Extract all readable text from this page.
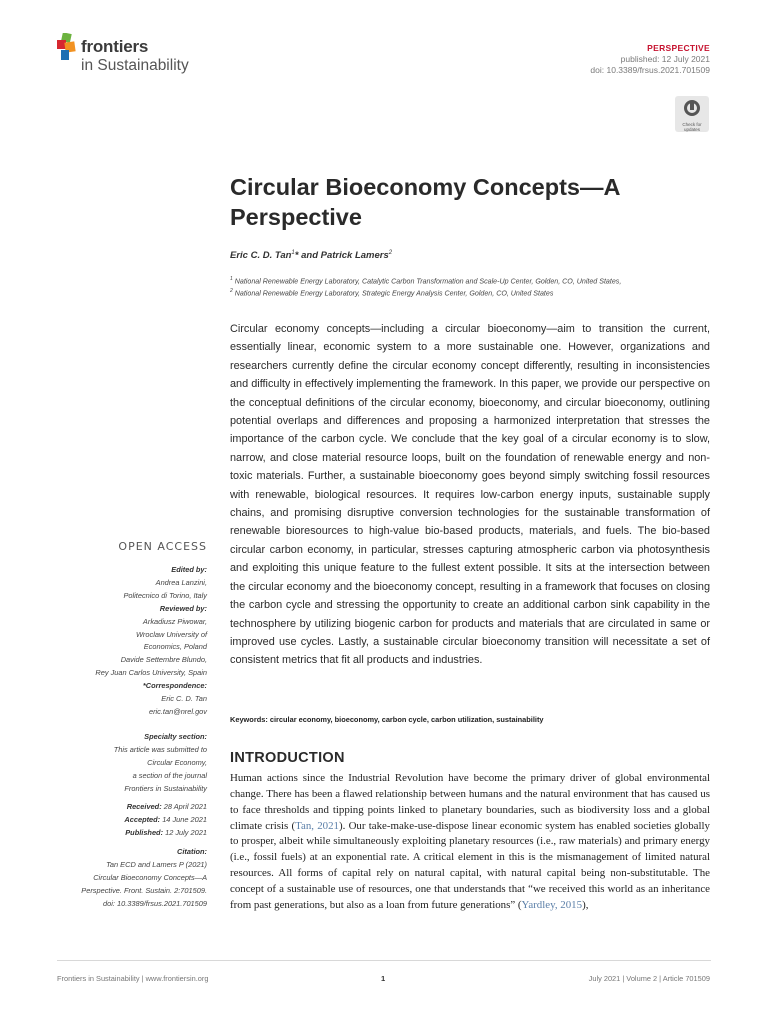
frontiers
in Sustainability
PERSPECTIVE
published: 12 July 2021
doi: 10.3389/frsus.2021.701509
Check for
updates
Circular Bioeconomy Concepts—A Perspective
Eric C. D. Tan$^1$* and Patrick Lamers$^2$
$^1$ National Renewable Energy Laboratory, Catalytic Carbon Transformation and Scale-Up Center, Golden, CO, United States,
$^2$ National Renewable Energy Laboratory, Strategic Energy Analysis Center, Golden, CO, United States

Circular economy concepts—including a circular bioeconomy—aim to transition the current, essentially linear, economic system to a more sustainable one. However, organizations and researchers currently define the circular economy concept differently, resulting in inconsistencies and difficulty in effectively implementing the framework. In this paper, we provide our perspective on the conceptual definitions of the circular economy, bioeconomy, and circular bioeconomy, outlining potential overlaps and differences and proposing a harmonized interpretation that stresses the importance of the carbon cycle. We conclude that the key goal of a circular economy is to slow, narrow, and close material resource loops, built on the foundation of renewable energy and non-toxic materials. Further, a sustainable bioeconomy goes beyond simply switching fossil resources with renewable, biological resources. It requires low-carbon energy inputs, sustainable supply chains, and promising disruptive conversion technologies for the sustainable transformation of renewable bioresources to high-value bio-based products, materials, and fuels. The bio-based circular carbon economy, in particular, stresses capturing atmospheric carbon via photosynthesis and exploiting this unique feature to the fullest extent possible. It sits at the intersection between the circular economy and the bioeconomy concept, resulting in a framework that focuses on closing the carbon cycle and stressing the opportunity to create an additional carbon sink capability in the technosphere by utilizing biogenic carbon for products and materials that are circulated in same or improved use cycles. Lastly, a sustainable circular bioeconomy transition will necessitate a set of consistent metrics that fit all products and industries.

Keywords: circular economy, bioeconomy, carbon cycle, carbon utilization, sustainability
OPEN ACCESS
Edited by:
Andrea Lanzini,
Politecnico di Torino, Italy
Reviewed by:
Arkadiusz Piwowar,
Wroclaw University of
Economics, Poland
Davide Settembre Blundo,
Rey Juan Carlos University, Spain
*Correspondence:
Eric C. D. Tan
eric.tan@nrel.gov
Specialty section:
This article was submitted to
Circular Economy,
a section of the journal
Frontiers in Sustainability
Received: 28 April 2021
Accepted: 14 June 2021
Published: 12 July 2021
Citation:
Tan ECD and Lamers P (2021)
Circular Bioeconomy Concepts—A
Perspective. Front. Sustain. 2:701509.
doi: 10.3389/frsus.2021.701509
INTRODUCTION

Human actions since the Industrial Revolution have become the primary driver of global environmental change. There has been a flawed relationship between humans and the natural environment that has caused us to face thresholds and tipping points linked to planetary boundaries, such as biodiversity loss and a global climate crisis (Tan, 2021). Our take-make-use-dispose linear economic system has enabled societies globally to prosper, albeit while simultaneously exploiting planetary resources (i.e., raw materials) and primary energy (i.e., fossil fuels) at an exponential rate. A critical element in this is the mismanagement of limited natural resources. All forms of capital rely on natural capital, with natural capital being non-substitutable. The concept of a sustainable use of resources, one that understands that “we received this world as an inheritance from past generations, but also as a loan from future generations” (Yardley, 2015),

Frontiers in Sustainability | www.frontiersin.org	1	July 2021 | Volume 2 | Article 701509
